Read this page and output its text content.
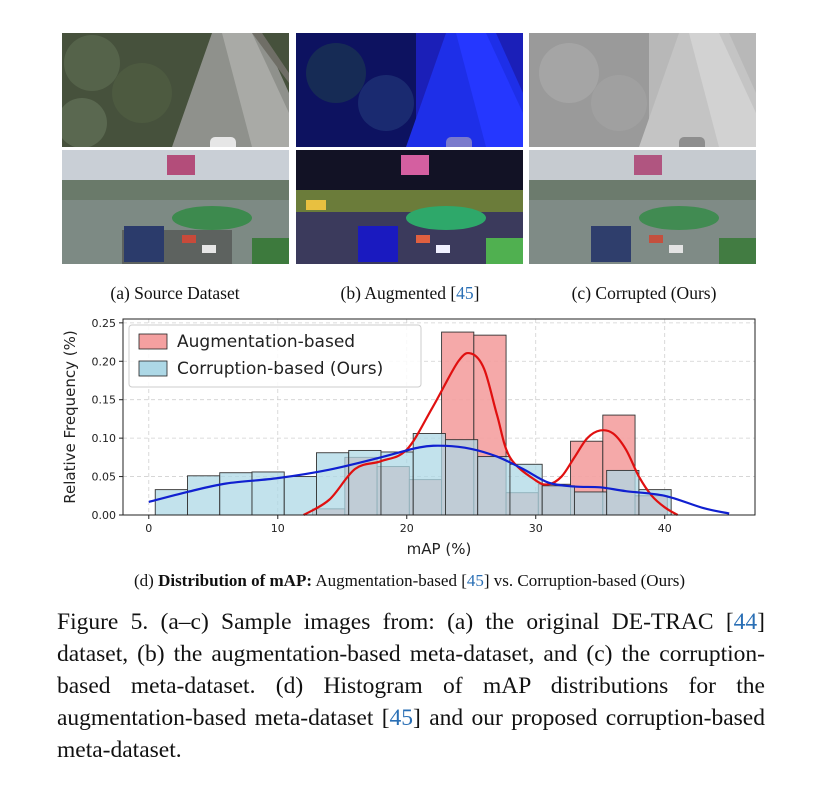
(a) Source Dataset	(b) Augmented [45]	(c) Corrupted (Ours)
0	10	20	30	40
0.00
0.05
0.10
0.15
0.20
0.25
Relative Frequency (%)
mAP (%)
Augmentation-based
Corruption-based (Ours)
(d) Distribution of mAP: Augmentation-based [45] vs. Corruption-based (Ours)
Figure 5. (a–c) Sample images from: (a) the original DE-TRAC [44] dataset, (b) the augmentation-based meta-dataset, and (c) the corruption-based meta-dataset. (d) Histogram of mAP distributions for the augmentation-based meta-dataset [45] and our proposed corruption-based meta-dataset.
